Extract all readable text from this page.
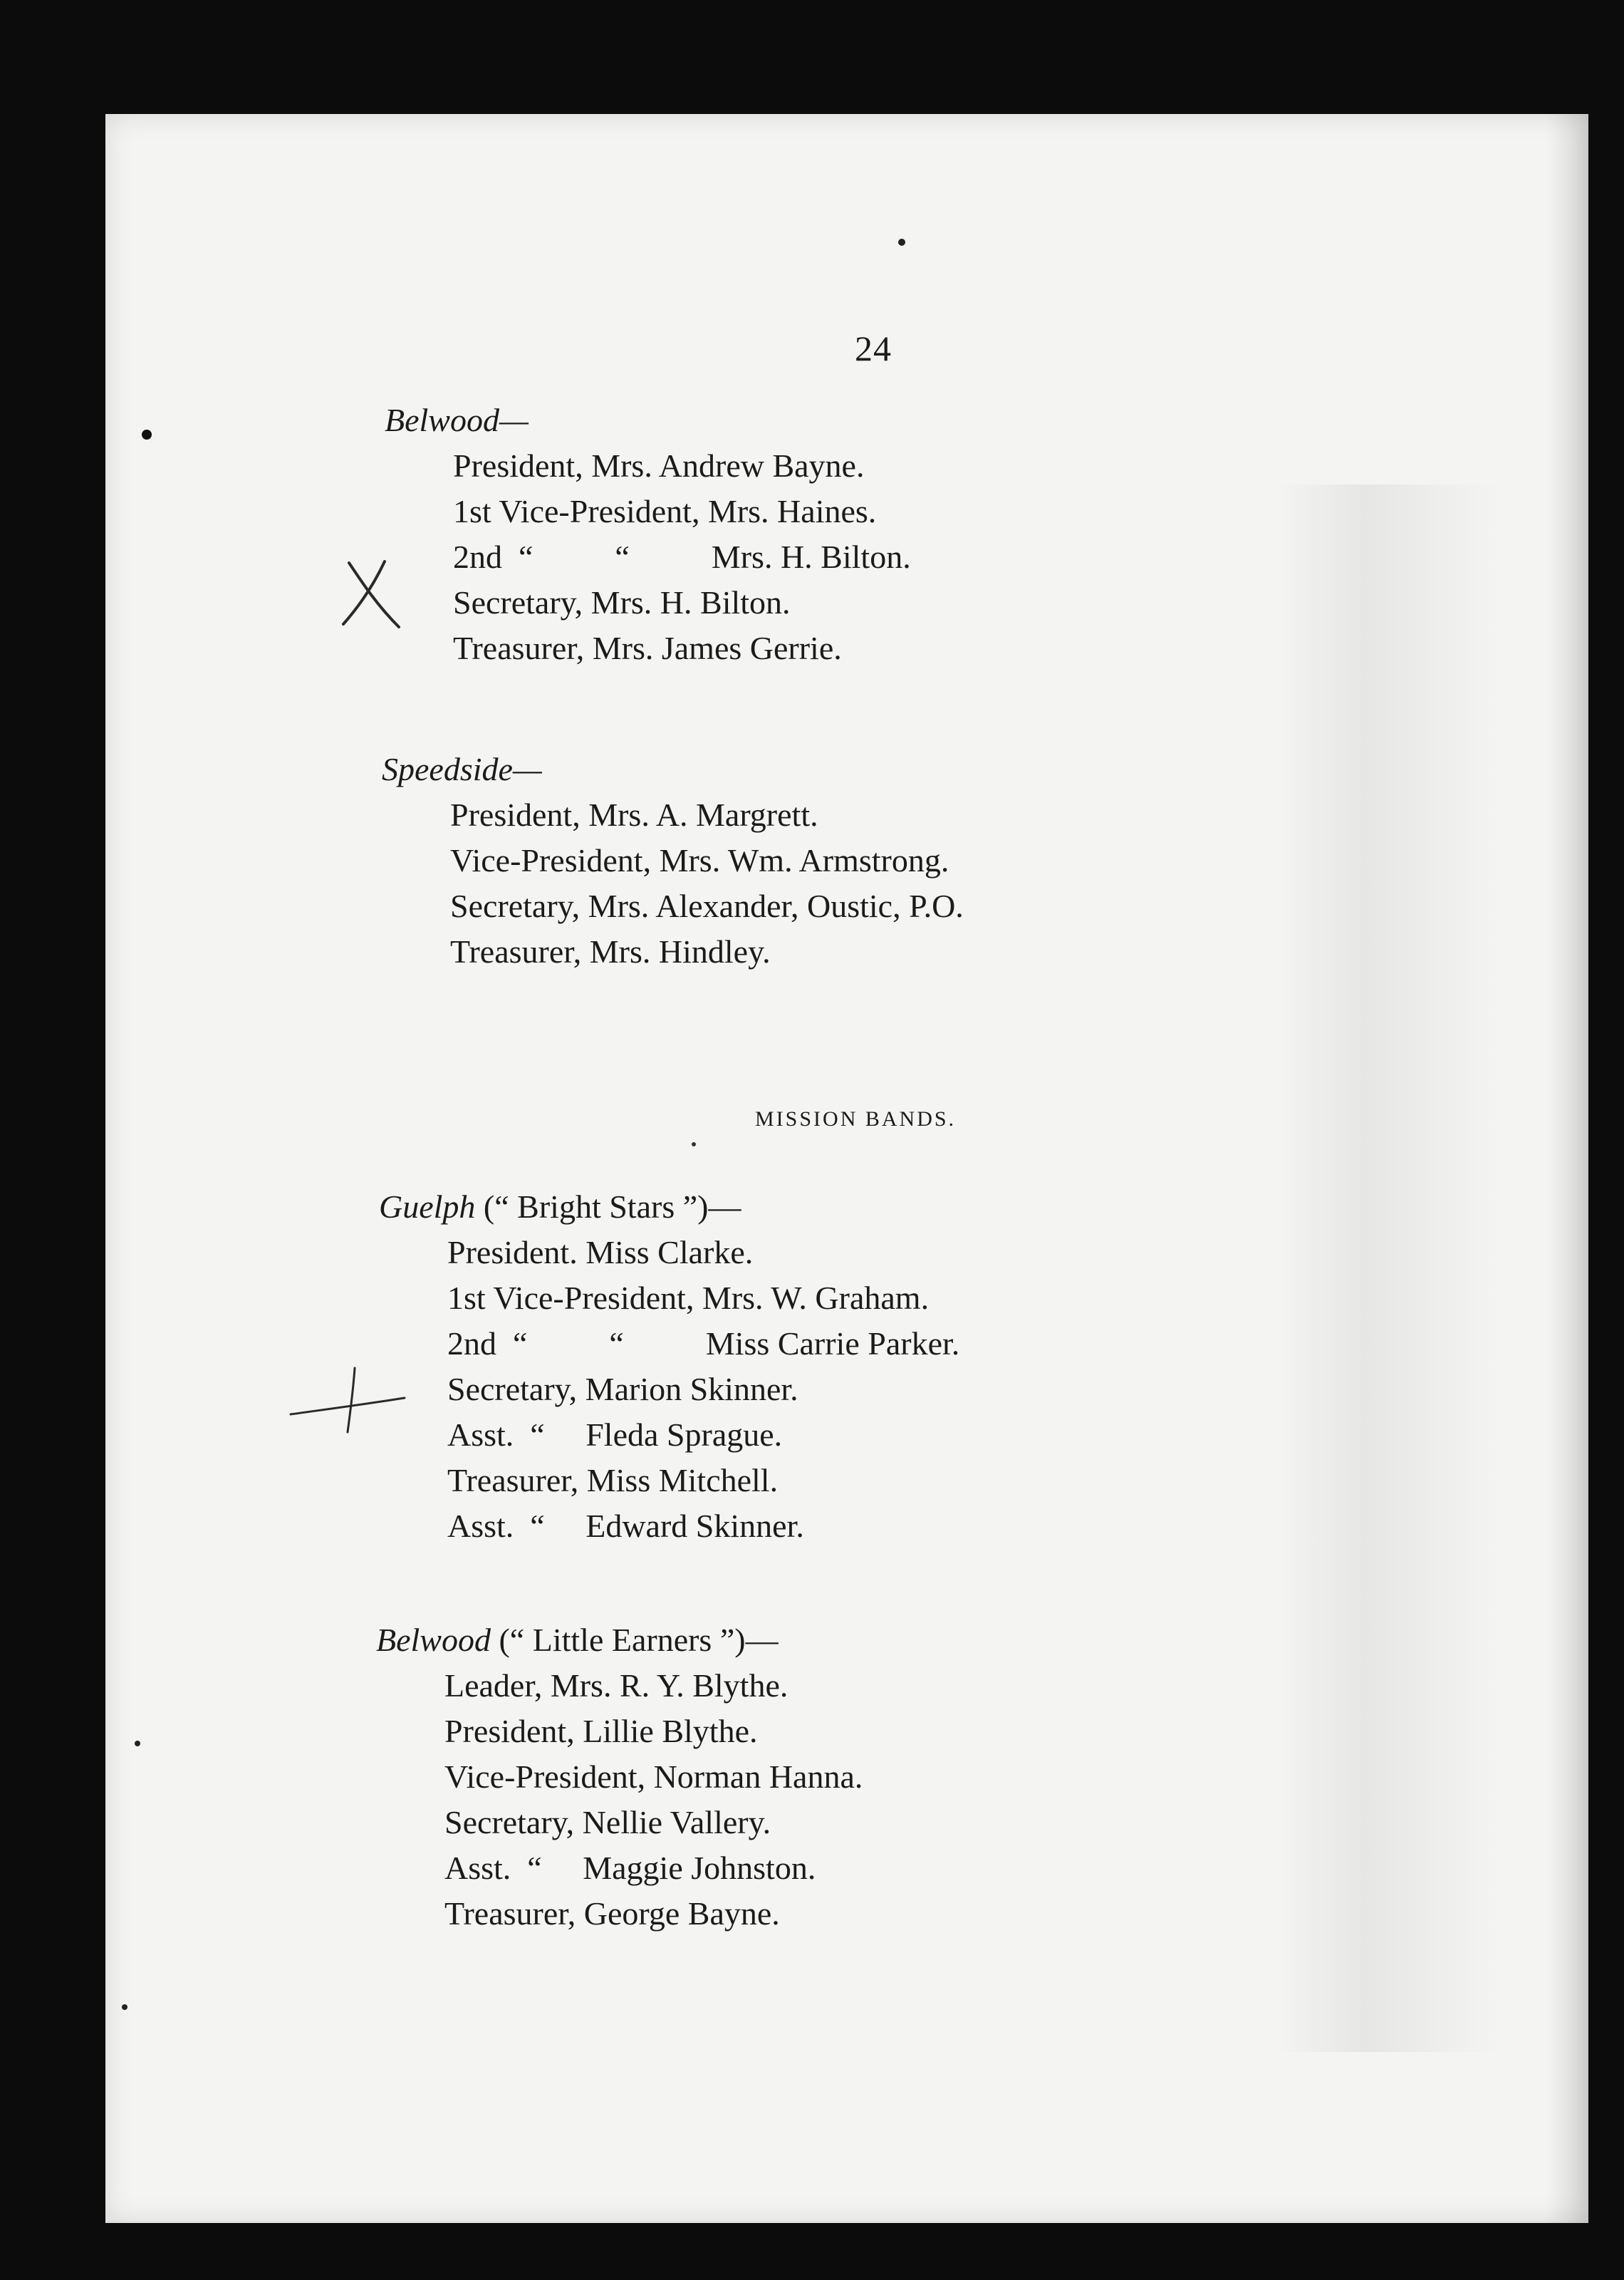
24
Belwood—
President, Mrs. Andrew Bayne.
1st Vice-President, Mrs. Haines.
2nd  “          “          Mrs. H. Bilton.
Secretary, Mrs. H. Bilton.
Treasurer, Mrs. James Gerrie.
Speedside—
President, Mrs. A. Margrett.
Vice-President, Mrs. Wm. Armstrong.
Secretary, Mrs. Alexander, Oustic, P.O.
Treasurer, Mrs. Hindley.
MISSION BANDS.
Guelph (“ Bright Stars ”)—
President. Miss Clarke.
1st Vice-President, Mrs. W. Graham.
2nd  “          “          Miss Carrie Parker.
Secretary, Marion Skinner.
Asst.  “     Fleda Sprague.
Treasurer, Miss Mitchell.
Asst.  “     Edward Skinner.
Belwood (“ Little Earners ”)—
Leader, Mrs. R. Y. Blythe.
President, Lillie Blythe.
Vice-President, Norman Hanna.
Secretary, Nellie Vallery.
Asst.  “     Maggie Johnston.
Treasurer, George Bayne.
